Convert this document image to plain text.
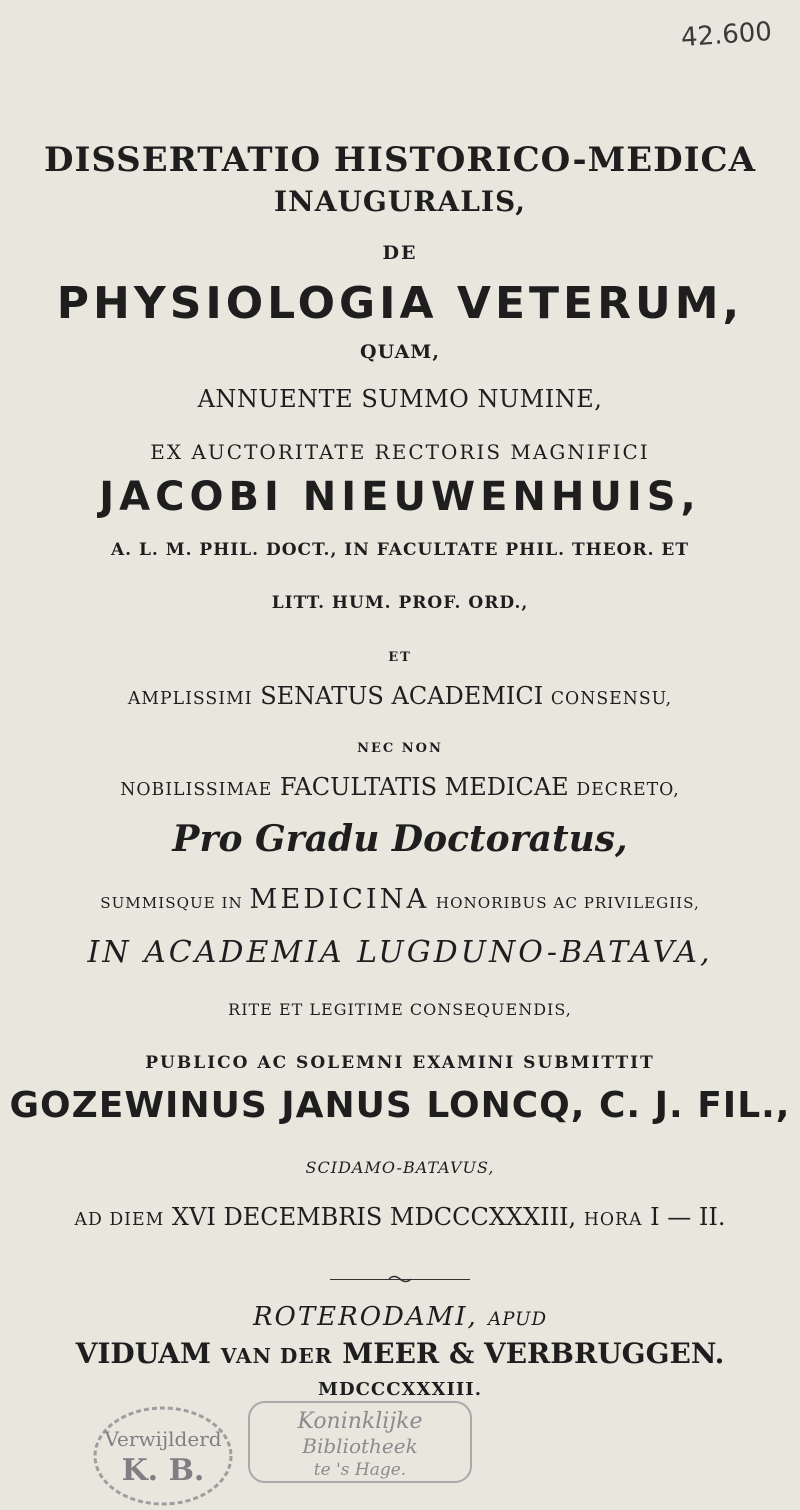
42.600
DISSERTATIO HISTORICO-MEDICA
INAUGURALIS,
DE
PHYSIOLOGIA VETERUM,
QUAM,
ANNUENTE SUMMO NUMINE,
EX AUCTORITATE RECTORIS MAGNIFICI
JACOBI NIEUWENHUIS,
A. L. M. PHIL. DOCT., IN FACULTATE PHIL. THEOR. ET
LITT. HUM. PROF. ORD.,
ET
AMPLISSIMI SENATUS ACADEMICI CONSENSU,
NEC NON
NOBILISSIMAE FACULTATIS MEDICAE DECRETO,
Pro Gradu Doctoratus,
SUMMISQUE IN MEDICINA HONORIBUS AC PRIVILEGIIS,
IN ACADEMIA LUGDUNO-BATAVA,
RITE ET LEGITIME CONSEQUENDIS,
PUBLICO AC SOLEMNI EXAMINI SUBMITTIT
GOZEWINUS JANUS LONCQ, C. J. FIL.,
SCIDAMO-BATAVUS,
AD DIEM XVI DECEMBRIS MDCCCXXXIII, HORA I — II.
ROTERODAMI, APUD
VIDUAM VAN DER MEER & VERBRUGGEN.
MDCCCXXXIII.
Verwijlderd
K. B.
Koninklijke
Bibliotheek
te 's Hage.
